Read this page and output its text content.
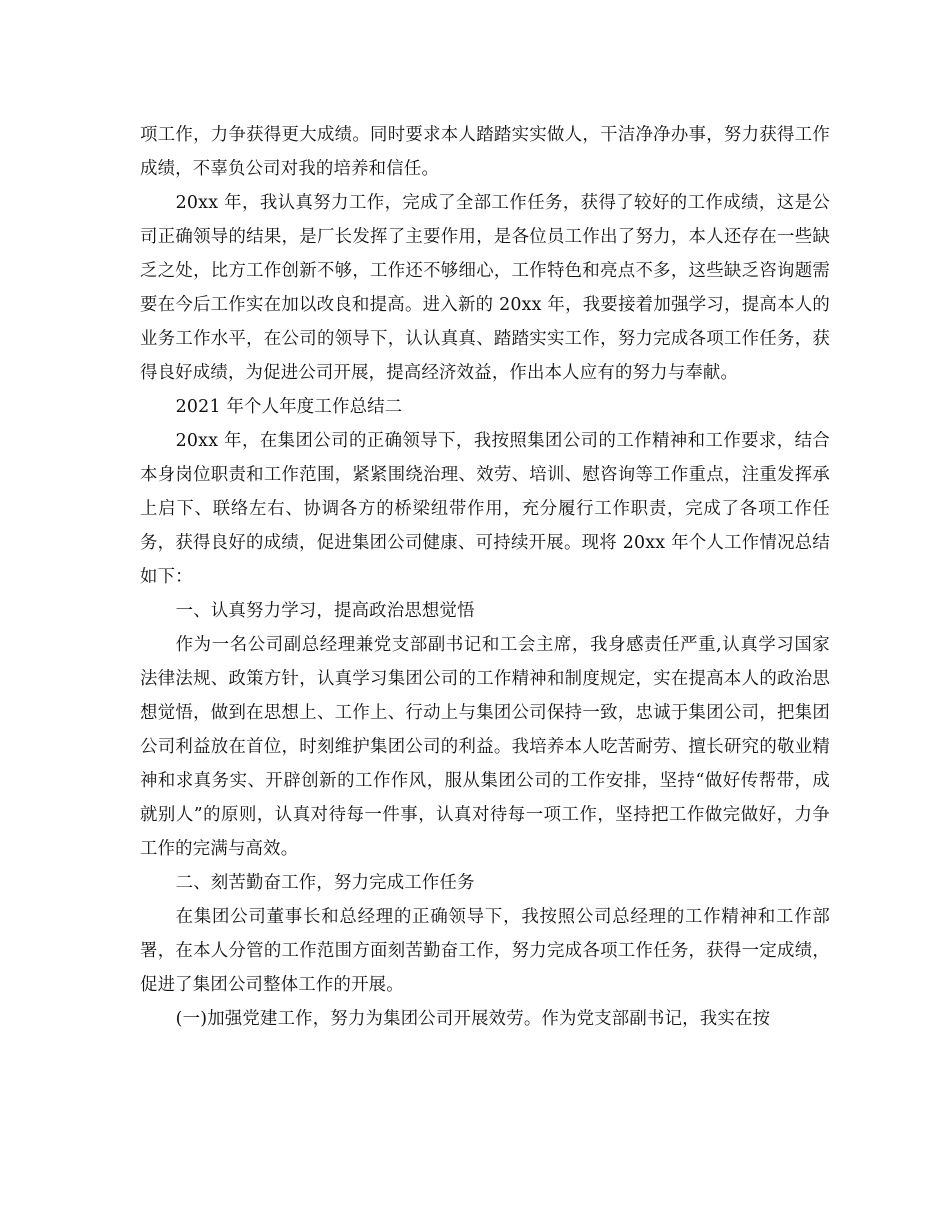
项工作，力争获得更大成绩。同时要求本人踏踏实实做人，干洁净净办事，努力获得工作成绩，不辜负公司对我的培养和信任。

20xx 年，我认真努力工作，完成了全部工作任务，获得了较好的工作成绩，这是公司正确领导的结果，是厂长发挥了主要作用，是各位员工作出了努力，本人还存在一些缺乏之处，比方工作创新不够，工作还不够细心，工作特色和亮点不多，这些缺乏咨询题需要在今后工作实在加以改良和提高。进入新的 20xx 年，我要接着加强学习，提高本人的业务工作水平，在公司的领导下，认认真真、踏踏实实工作，努力完成各项工作任务，获得良好成绩，为促进公司开展，提高经济效益，作出本人应有的努力与奉献。

2021 年个人年度工作总结二

20xx 年，在集团公司的正确领导下，我按照集团公司的工作精神和工作要求，结合本身岗位职责和工作范围，紧紧围绕治理、效劳、培训、慰咨询等工作重点，注重发挥承上启下、联络左右、协调各方的桥梁纽带作用，充分履行工作职责，完成了各项工作任务，获得良好的成绩，促进集团公司健康、可持续开展。现将 20xx 年个人工作情况总结如下：

一、认真努力学习，提高政治思想觉悟

作为一名公司副总经理兼党支部副书记和工会主席，我身感责任严重,认真学习国家法律法规、政策方针，认真学习集团公司的工作精神和制度规定，实在提高本人的政治思想觉悟，做到在思想上、工作上、行动上与集团公司保持一致，忠诚于集团公司，把集团公司利益放在首位，时刻维护集团公司的利益。我培养本人吃苦耐劳、擅长研究的敬业精神和求真务实、开辟创新的工作作风，服从集团公司的工作安排，坚持“做好传帮带，成就别人”的原则，认真对待每一件事，认真对待每一项工作，坚持把工作做完做好，力争工作的完满与高效。

二、刻苦勤奋工作，努力完成工作任务

在集团公司董事长和总经理的正确领导下，我按照公司总经理的工作精神和工作部署，在本人分管的工作范围方面刻苦勤奋工作，努力完成各项工作任务，获得一定成绩，促进了集团公司整体工作的开展。

(一)加强党建工作，努力为集团公司开展效劳。作为党支部副书记，我实在按
